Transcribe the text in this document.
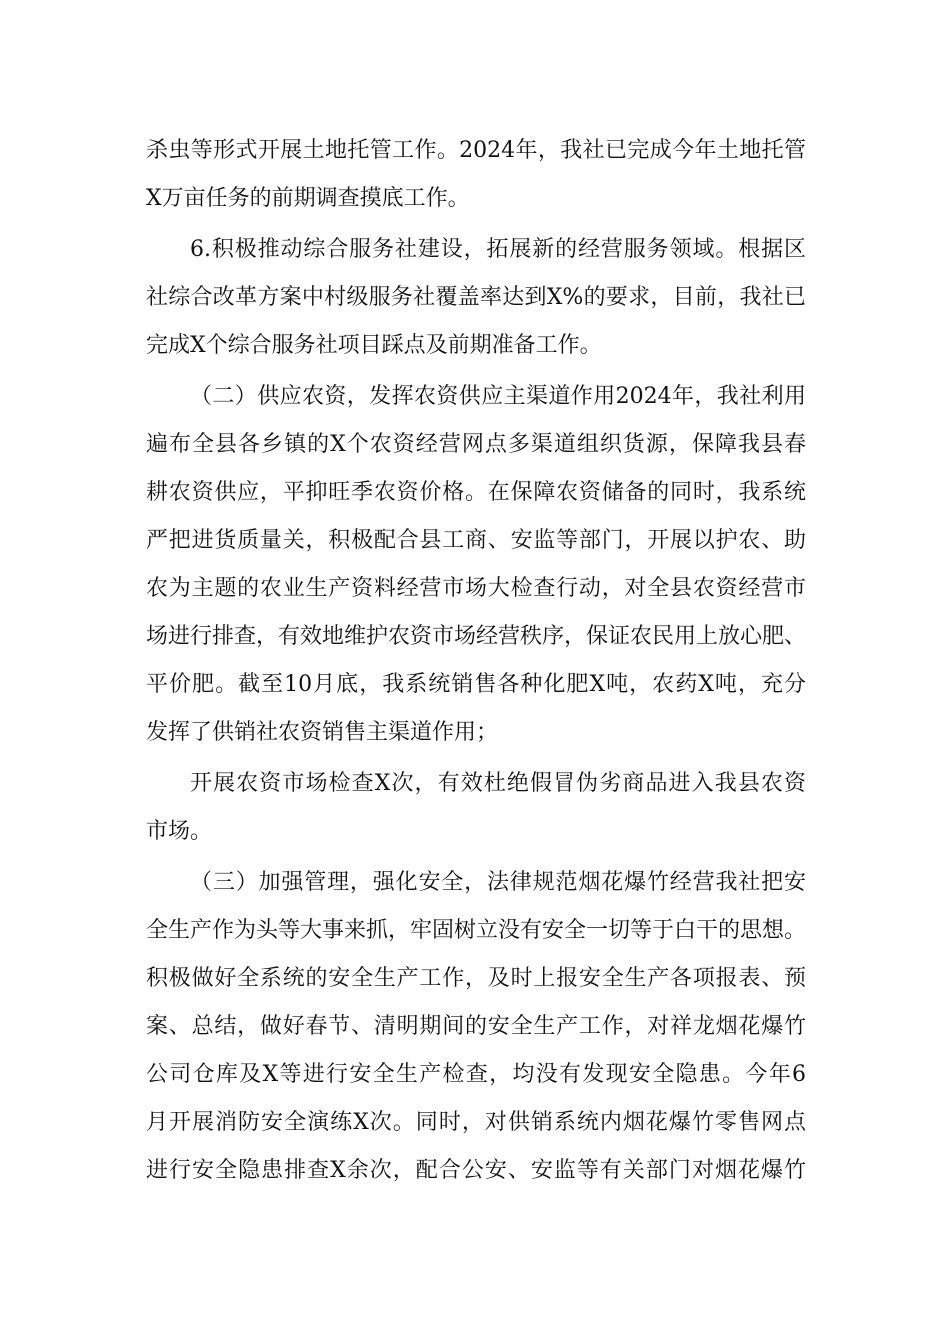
杀虫等形式开展土地托管工作。2024年，我社已完成今年土地托管
X万亩任务的前期调查摸底工作。
6.积极推动综合服务社建设，拓展新的经营服务领域。根据区
社综合改革方案中村级服务社覆盖率达到X%的要求，目前，我社已
完成X个综合服务社项目踩点及前期准备工作。
（二）供应农资，发挥农资供应主渠道作用2024年，我社利用
遍布全县各乡镇的X个农资经营网点多渠道组织货源，保障我县春
耕农资供应，平抑旺季农资价格。在保障农资储备的同时，我系统
严把进货质量关，积极配合县工商、安监等部门，开展以护农、助
农为主题的农业生产资料经营市场大检查行动，对全县农资经营市
场进行排查，有效地维护农资市场经营秩序，保证农民用上放心肥、
平价肥。截至10月底，我系统销售各种化肥X吨，农药X吨，充分
发挥了供销社农资销售主渠道作用；
开展农资市场检查X次，有效杜绝假冒伪劣商品进入我县农资
市场。
（三）加强管理，强化安全，法律规范烟花爆竹经营我社把安
全生产作为头等大事来抓，牢固树立没有安全一切等于白干的思想。
积极做好全系统的安全生产工作，及时上报安全生产各项报表、预
案、总结，做好春节、清明期间的安全生产工作，对祥龙烟花爆竹
公司仓库及X等进行安全生产检查，均没有发现安全隐患。今年6
月开展消防安全演练X次。同时，对供销系统内烟花爆竹零售网点
进行安全隐患排查X余次，配合公安、安监等有关部门对烟花爆竹
